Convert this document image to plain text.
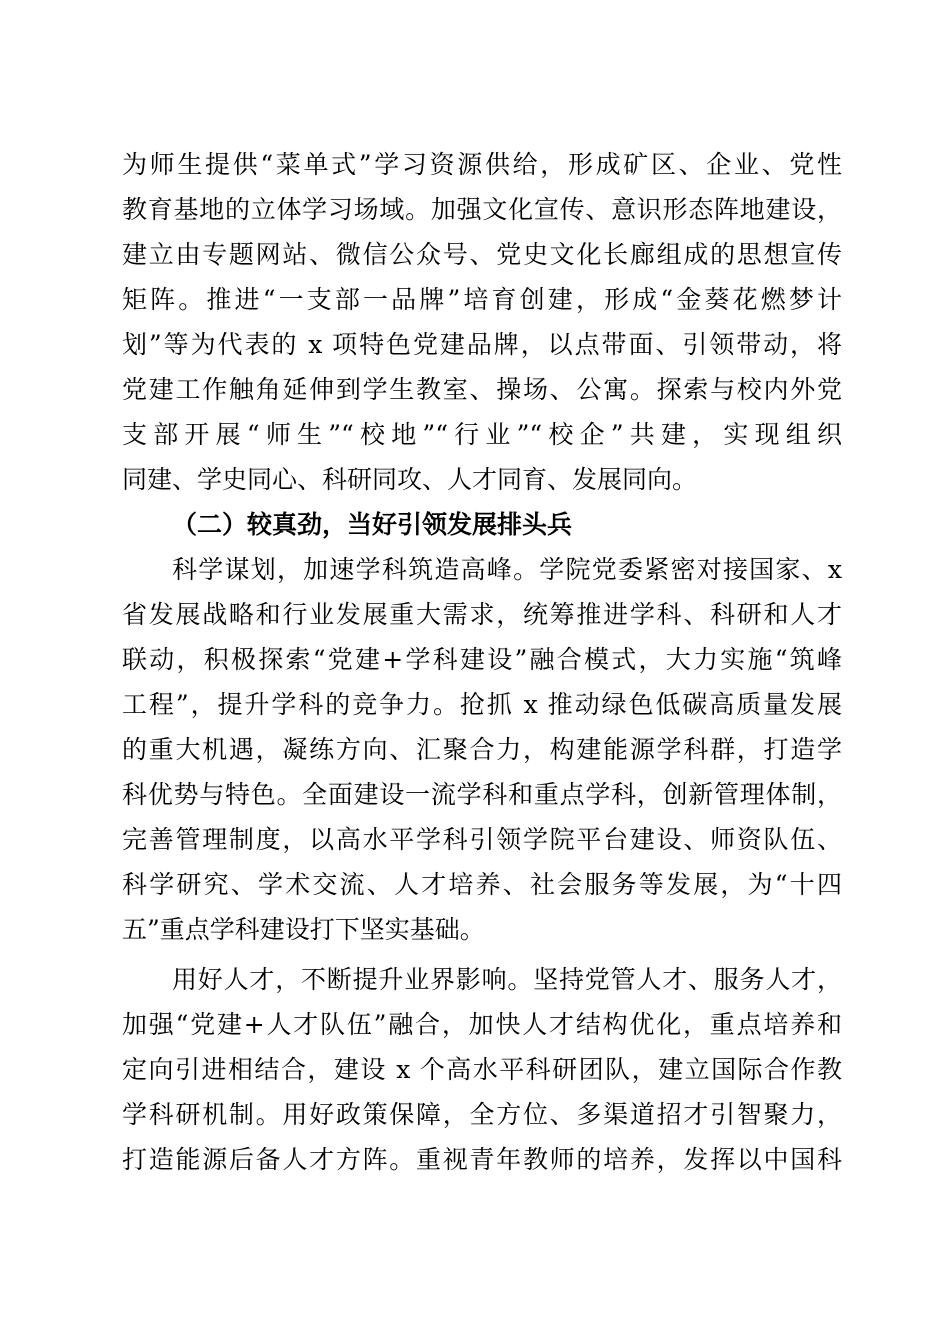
为师生提供“菜单式”学习资源供给，形成矿区、企业、党性
教育基地的立体学习场域。加强文化宣传、意识形态阵地建设，
建立由专题网站、微信公众号、党史文化长廊组成的思想宣传
矩阵。推进“一支部一品牌”培育创建，形成“金葵花燃梦计
划”等为代表的 x 项特色党建品牌，以点带面、引领带动，将
党建工作触角延伸到学生教室、操场、公寓。探索与校内外党
支部开展“师生”“校地”“行业”“校企”共建，实现组织
同建、学史同心、科研同攻、人才同育、发展同向。
（二）较真劲，当好引领发展排头兵
科学谋划，加速学科筑造高峰。学院党委紧密对接国家、x
省发展战略和行业发展重大需求，统筹推进学科、科研和人才
联动，积极探索“党建+学科建设”融合模式，大力实施“筑峰
工程”，提升学科的竞争力。抢抓 x 推动绿色低碳高质量发展
的重大机遇，凝练方向、汇聚合力，构建能源学科群，打造学
科优势与特色。全面建设一流学科和重点学科，创新管理体制，
完善管理制度，以高水平学科引领学院平台建设、师资队伍、
科学研究、学术交流、人才培养、社会服务等发展，为“十四
五”重点学科建设打下坚实基础。
用好人才，不断提升业界影响。坚持党管人才、服务人才，
加强“党建+人才队伍”融合，加快人才结构优化，重点培养和
定向引进相结合，建设 x 个高水平科研团队，建立国际合作教
学科研机制。用好政策保障，全方位、多渠道招才引智聚力，
打造能源后备人才方阵。重视青年教师的培养，发挥以中国科
